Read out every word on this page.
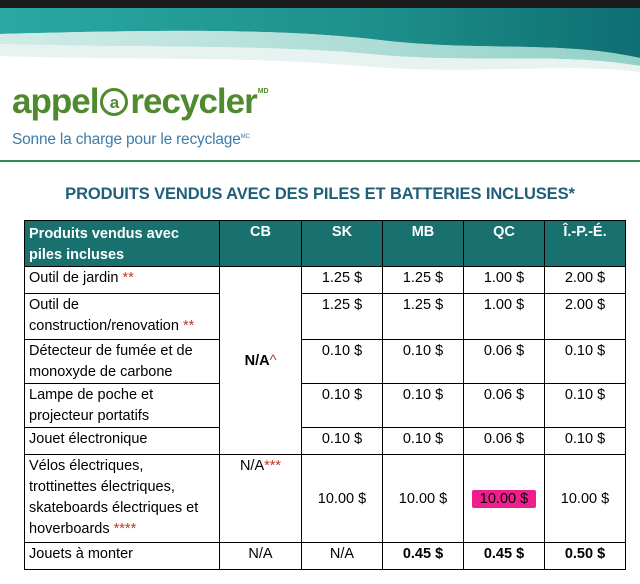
appel a recycler MD
Sonne la charge pour le recyclage$^{MC}$
PRODUITS VENDUS AVEC DES PILES ET BATTERIES INCLUSES*
Produits vendus avec piles incluses	CB	SK	MB	QC	Î.-P.-É.
Outil de jardin **	N/A^	1.25 $	1.25 $	1.00 $	2.00 $
Outil de construction/renovation **		1.25 $	1.25 $	1.00 $	2.00 $
Détecteur de fumée et de monoxyde de carbone		0.10 $	0.10 $	0.06 $	0.10 $
Lampe de poche et projecteur portatifs		0.10 $	0.10 $	0.06 $	0.10 $
Jouet électronique		0.10 $	0.10 $	0.06 $	0.10 $
Vélos électriques, trottinettes électriques, skateboards électriques et hoverboards ****	N/A***	10.00 $	10.00 $	10.00 $	10.00 $
Jouets à monter	N/A	N/A	0.45 $	0.45 $	0.50 $
